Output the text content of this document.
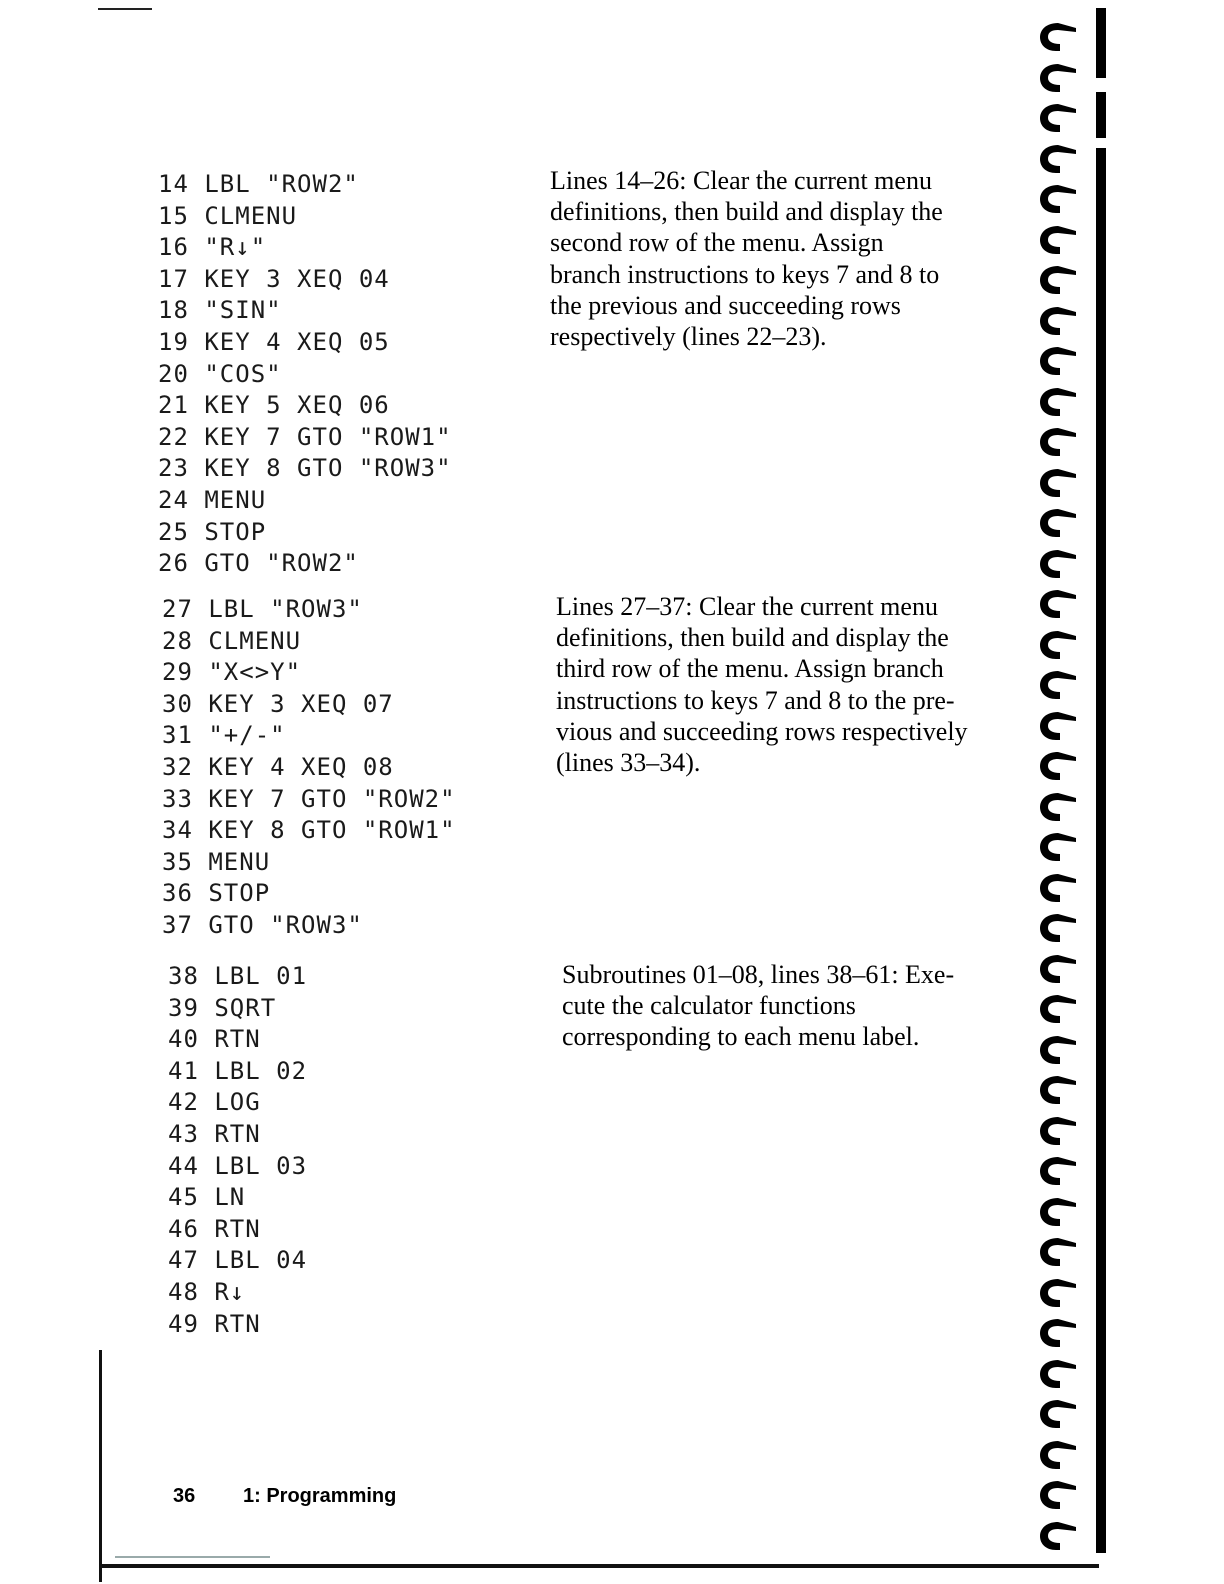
14 LBL "ROW2"
15 CLMENU
16 "R↓"
17 KEY 3 XEQ 04
18 "SIN"
19 KEY 4 XEQ 05
20 "COS"
21 KEY 5 XEQ 06
22 KEY 7 GTO "ROW1"
23 KEY 8 GTO "ROW3"
24 MENU
25 STOP
26 GTO "ROW2"
Lines 14–26: Clear the current menu
definitions, then build and display the
second row of the menu. Assign
branch instructions to keys 7 and 8 to
the previous and succeeding rows
respectively (lines 22–23).
27 LBL "ROW3"
28 CLMENU
29 "X<>Y"
30 KEY 3 XEQ 07
31 "+/-"
32 KEY 4 XEQ 08
33 KEY 7 GTO "ROW2"
34 KEY 8 GTO "ROW1"
35 MENU
36 STOP
37 GTO "ROW3"
Lines 27–37: Clear the current menu
definitions, then build and display the
third row of the menu. Assign branch
instructions to keys 7 and 8 to the pre-
vious and succeeding rows respectively
(lines 33–34).
38 LBL 01
39 SQRT
40 RTN
41 LBL 02
42 LOG
43 RTN
44 LBL 03
45 LN
46 RTN
47 LBL 04
48 R↓
49 RTN
Subroutines 01–08, lines 38–61: Exe-
cute the calculator functions
corresponding to each menu label.
36 1: Programming
